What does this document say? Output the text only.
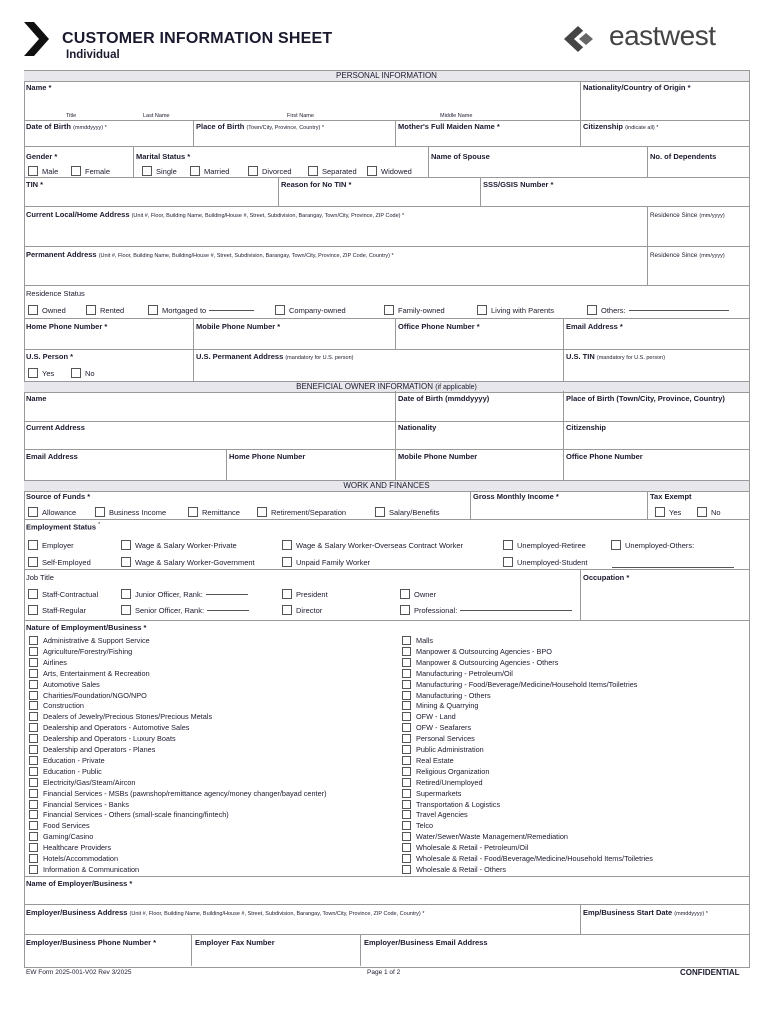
CUSTOMER INFORMATION SHEET
Individual
eastwest
PERSONAL INFORMATION
BENEFICIAL OWNER INFORMATION (if applicable)
WORK AND FINANCES
Name *	Nationality/Country of Origin *
Title	Last Name	First Name	Middle Name
Date of Birth (mmddyyyy) *	Place of Birth (Town/City, Province, Country) *	Mother's Full Maiden Name *	Citizenship (indicate all) *
Gender *	Marital Status *	Name of Spouse	No. of Dependents
Male	Female	Single	Married	Divorced	Separated	Widowed
TIN *	Reason for No TIN *	SSS/GSIS Number *
Current Local/Home Address (Unit #, Floor, Building Name, Building/House #, Street, Subdivision, Barangay, Town/City, Province, ZIP Code) *	Residence Since (mm/yyyy)
Permanent Address (Unit #, Floor, Building Name, Building/House #, Street, Subdivision, Barangay, Town/City, Province, ZIP Code, Country) *	Residence Since (mm/yyyy)
Residence Status
Owned	Rented	Mortgaged to	Company-owned	Family-owned	Living with Parents	Others:
Home Phone Number *	Mobile Phone Number *	Office Phone Number *	Email Address *
U.S. Person *	U.S. Permanent Address (mandatory for U.S. person)	U.S. TIN (mandatory for U.S. person)
Yes	No
Name	Date of Birth (mmddyyyy)	Place of Birth (Town/City, Province, Country)
Current Address	Nationality	Citizenship
Email Address	Home Phone Number	Mobile Phone Number	Office Phone Number
Source of Funds *	Gross Monthly Income *	Tax Exempt
Allowance	Business Income	Remittance	Retirement/Separation	Salary/Benefits	Yes	No
Employment Status *
Employer	Wage & Salary Worker-Private	Wage & Salary Worker-Overseas Contract Worker	Unemployed-Retiree	Unemployed-Others:
Self-Employed	Wage & Salary Worker-Government	Unpaid Family Worker	Unemployed-Student
Job Title	Occupation *
Staff-Contractual	Junior Officer, Rank:	President	Owner
Staff-Regular	Senior Officer, Rank:	Director	Professional:
Nature of Employment/Business *
Administrative & Support Service
Agriculture/Forestry/Fishing
Airlines
Arts, Entertainment & Recreation
Automotive Sales
Charities/Foundation/NGO/NPO
Construction
Dealers of Jewelry/Precious Stones/Precious Metals
Dealership and Operators - Automotive Sales
Dealership and Operators - Luxury Boats
Dealership and Operators - Planes
Education - Private
Education - Public
Electricity/Gas/Steam/Aircon
Financial Services - MSBs (pawnshop/remittance agency/money changer/bayad center)
Financial Services - Banks
Financial Services - Others (small-scale financing/fintech)
Food Services
Gaming/Casino
Healthcare Providers
Hotels/Accommodation
Information & Communication
Malls
Manpower & Outsourcing Agencies - BPO
Manpower & Outsourcing Agencies - Others
Manufacturing - Petroleum/Oil
Manufacturing - Food/Beverage/Medicine/Household Items/Toiletries
Manufacturing - Others
Mining & Quarrying
OFW - Land
OFW - Seafarers
Personal Services
Public Administration
Real Estate
Religious Organization
Retired/Unemployed
Supermarkets
Transportation & Logistics
Travel Agencies
Telco
Water/Sewer/Waste Management/Remediation
Wholesale & Retail - Petroleum/Oil
Wholesale & Retail - Food/Beverage/Medicine/Household Items/Toiletries
Wholesale & Retail - Others
Name of Employer/Business *
Employer/Business Address (Unit #, Floor, Building Name, Building/House #, Street, Subdivision, Barangay, Town/City, Province, ZIP Code, Country) *	Emp/Business Start Date (mmddyyyy) *
Employer/Business Phone Number *	Employer Fax Number	Employer/Business Email Address
EW Form 2025-001-V02 Rev 3/2025	Page 1 of 2	CONFIDENTIAL
